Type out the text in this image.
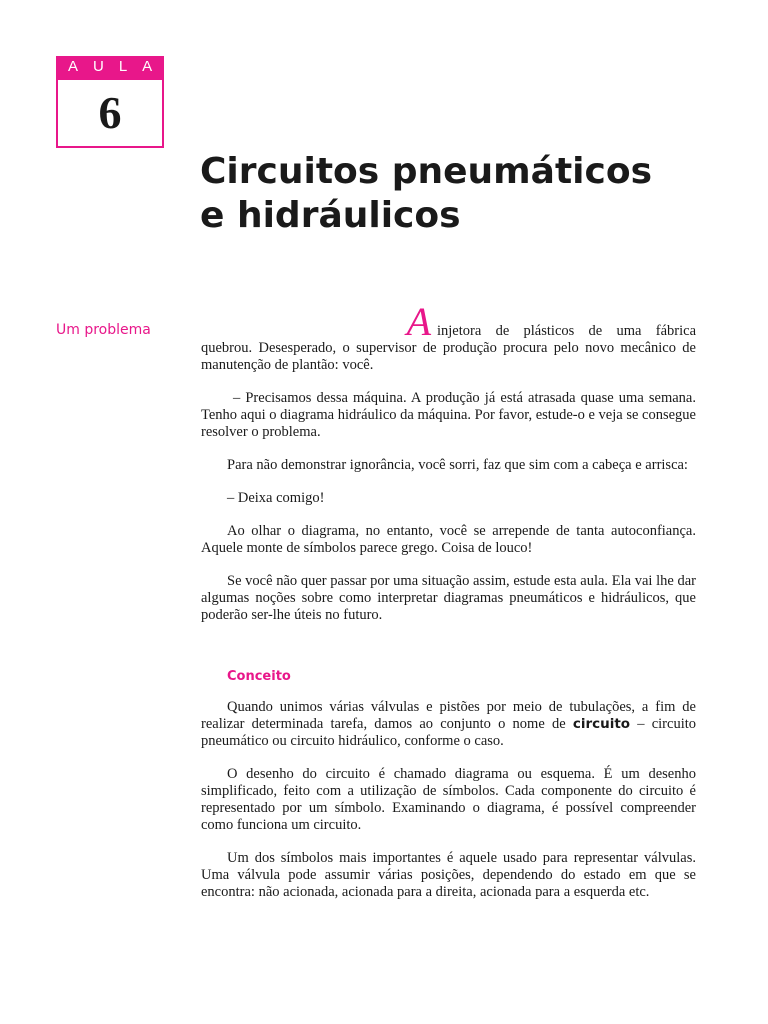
AULA
6
Circuitos pneumáticos
e hidráulicos
Um problema	Ainjetora de plásticos de uma fábrica quebrou. Desesperado, o supervisor de produção procura pelo novo mecânico de manutenção de plantão: você.

– Precisamos dessa máquina. A produção já está atrasada quase uma semana. Tenho aqui o diagrama hidráulico da máquina. Por favor, estude-o e veja se consegue resolver o problema.

Para não demonstrar ignorância, você sorri, faz que sim com a cabeça e arrisca:

– Deixa comigo!

Ao olhar o diagrama, no entanto, você se arrepende de tanta autoconfiança. Aquele monte de símbolos parece grego. Coisa de louco!

Se você não quer passar por uma situação assim, estude esta aula. Ela vai lhe dar algumas noções sobre como interpretar diagramas pneumáticos e hidráulicos, que poderão ser-lhe úteis no futuro.

Conceito

Quando unimos várias válvulas e pistões por meio de tubulações, a fim de realizar determinada tarefa, damos ao conjunto o nome de circuito – circuito pneumático ou circuito hidráulico, conforme o caso.

O desenho do circuito é chamado diagrama ou esquema. É um desenho simplificado, feito com a utilização de símbolos. Cada componente do circuito é representado por um símbolo. Examinando o diagrama, é possível compreender como funciona um circuito.

Um dos símbolos mais importantes é aquele usado para representar válvulas. Uma válvula pode assumir várias posições, dependendo do estado em que se encontra: não acionada, acionada para a direita, acionada para a esquerda etc.
